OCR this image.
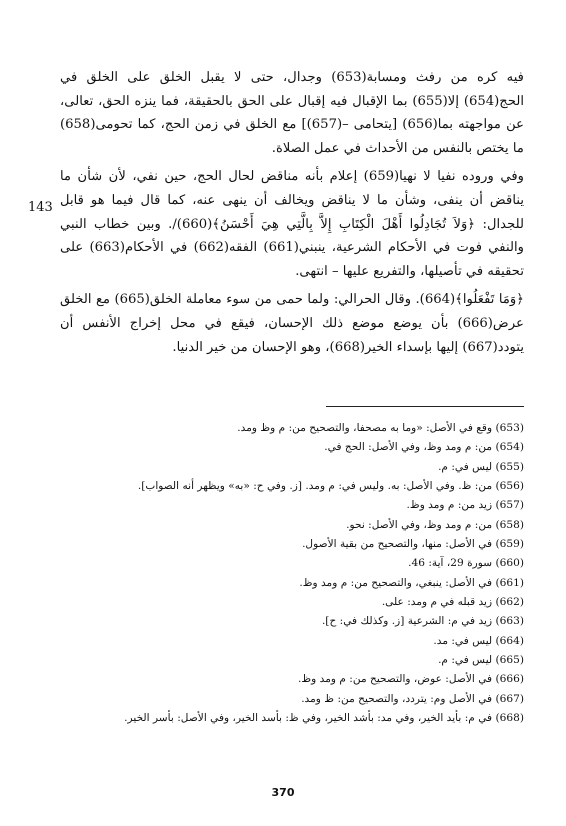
فيه كره من رفث ومسابة(653) وجدال، حتى لا يقبل الخلق على الخلق في الحج(654) إلا(655) بما الإقبال فيه إقبال على الحق بالحقيقة، فما ينزه الحق، تعالى، عن مواجهته بما(656) [يتحامى –(657)] مع الخلق في زمن الحج، كما تحومى(658) ما يختص بالنفس من الأحداث في عمل الصلاة.

وفي وروده نفيا لا نهيا(659) إعلام بأنه مناقض لحال الحج، حين نفي، لأن شأن ما يناقض أن ينفى، وشأن ما لا يناقض ويخالف أن ينهى عنه، كما قال فيما هو قابل للجدال: ﴿وَلاَ تُجَادِلُوا أَهْلَ الْكِتَابِ إِلاَّ بِالَّتِي هِيَ أَحْسَنُ﴾(660)/. وبين خطاب النبي والنفي فوت في الأحكام الشرعية، ينبني(661) الفقه(662) في الأحكام(663) على تحقيقه في تأصيلها، والتفريع عليها – انتهى.

﴿وَمَا تَفْعَلُوا﴾(664). وقال الحرالي: ولما حمى من سوء معاملة الخلق(665) مع الخلق عرض(666) بأن يوضع موضع ذلك الإحسان، فيقع في محل إخراج الأنفس أن يتودد(667) إليها بإسداء الخير(668)، وهو الإحسان من خير الدنيا.

143
(653) وقع في الأصل: «وما به مصحفا، والتصحيح من: م وظ ومد.
(654) من: م ومد وظ، وفي الأصل: الحج في.
(655) ليس في: م.
(656) من: ظ. وفي الأصل: به. وليس في: م ومد. [ز. وفي ح: «به» ويظهر أنه الصواب].
(657) زيد من: م ومد وظ.
(658) من: م ومد وظ، وفي الأصل: نحو.
(659) في الأصل: منها، والتصحيح من بقية الأصول.
(660) سورة 29، آية: 46.
(661) في الأصل: ينبغي، والتصحيح من: م ومد وظ.
(662) زيد قبله في م ومد: على.
(663) زيد في م: الشرعية [ز. وكذلك في: ح].
(664) ليس في: مد.
(665) ليس في: م.
(666) في الأصل: عوض، والتصحيح من: م ومد وظ.
(667) في الأصل وم: يتردد، والتصحيح من: ظ ومد.
(668) في م: بأيد الخير، وفي مد: بأشد الخير، وفي ظ: بأسد الخير، وفي الأصل: بأسر الخير.
370
